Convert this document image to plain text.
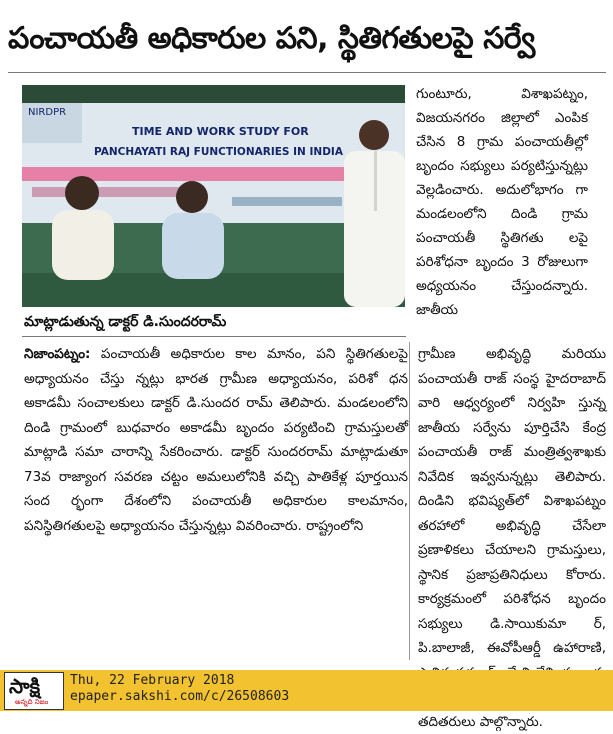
పంచాయతీ అధికారుల పని, స్థితిగతులపై సర్వే
NIRDPR
TIME AND WORK STUDY FOR
PANCHAYATI RAJ FUNCTIONARIES IN INDIA
మాట్లాడుతున్న డాక్టర్ డి.సుందరరామ్
గుంటూరు, విశాఖపట్నం, విజయనగరం జిల్లాలో ఎంపిక చేసిన 8 గ్రామ పంచాయతీల్లో బృందం సభ్యులు పర్యటిస్తున్నట్లు వెల్లడించారు. అదులోభాగం గా మండలంలోని దిండి గ్రామ పంచాయతీ స్థితిగతు లపై పరిశోధనా బృందం 3 రోజులుగా అధ్యయనం చేస్తుందన్నారు. జాతీయ
నిజాంపట్నం: పంచాయతీ అధికారుల కాల మానం, పని స్థితిగతులపై అధ్యాయనం చేస్తు న్నట్లు భారత గ్రామీణ అధ్యాయనం, పరిశో ధన అకాడమీ సంచాలకులు డాక్టర్ డి.సుందర రామ్ తెలిపారు. మండలంలోని దిండి గ్రామంలో బుధవారం అకాడమీ బృందం పర్యటించి గ్రామస్తులతో మాట్లాడి సమా చారాన్ని సేకరించారు. డాక్టర్ సుందరరామ్ మాట్లాడుతూ 73వ రాజ్యాంగ సవరణ చట్టం అమలులోనికి వచ్చి పాతికేళ్ల పూర్తయిన సంద ర్భంగా దేశంలోని పంచాయతీ అధికారుల కాలమానం, పనిస్థితిగతులపై అధ్యాయనం చేస్తున్నట్లు వివరించారు. రాష్ట్రంలోని
గ్రామీణ అభివృద్ధి మరియు పంచాయతీ రాజ్ సంస్థ హైదరాబాద్ వారి ఆధ్వర్యంలో నిర్వహి స్తున్న జాతీయ సర్వేను పూర్తిచేసి కేంద్ర పంచాయతీ రాజ్ మంత్రిత్వశాఖకు నివేదిక ఇవ్వనున్నట్లు తెలిపారు. దిండిని భవిష్యత్‌లో విశాఖపట్నం తరహాలో అభివృద్ధి చేసేలా ప్రణాళికలు చేయాలని గ్రామస్తులు, స్థానిక ప్రజాప్రతినిధులు కోరారు. కార్యక్రమంలో పరిశోధన బృందం సభ్యులు డి.సాయికుమా ర్, పి.బాలాజీ, ఈవోపీఆర్డీ ఉహారాణి, తదితరులు పాల్గొన్నారు.
సాక్షి
అన్నది నిజం
Thu, 22 February 2018
epaper.sakshi.com/c/26508603
